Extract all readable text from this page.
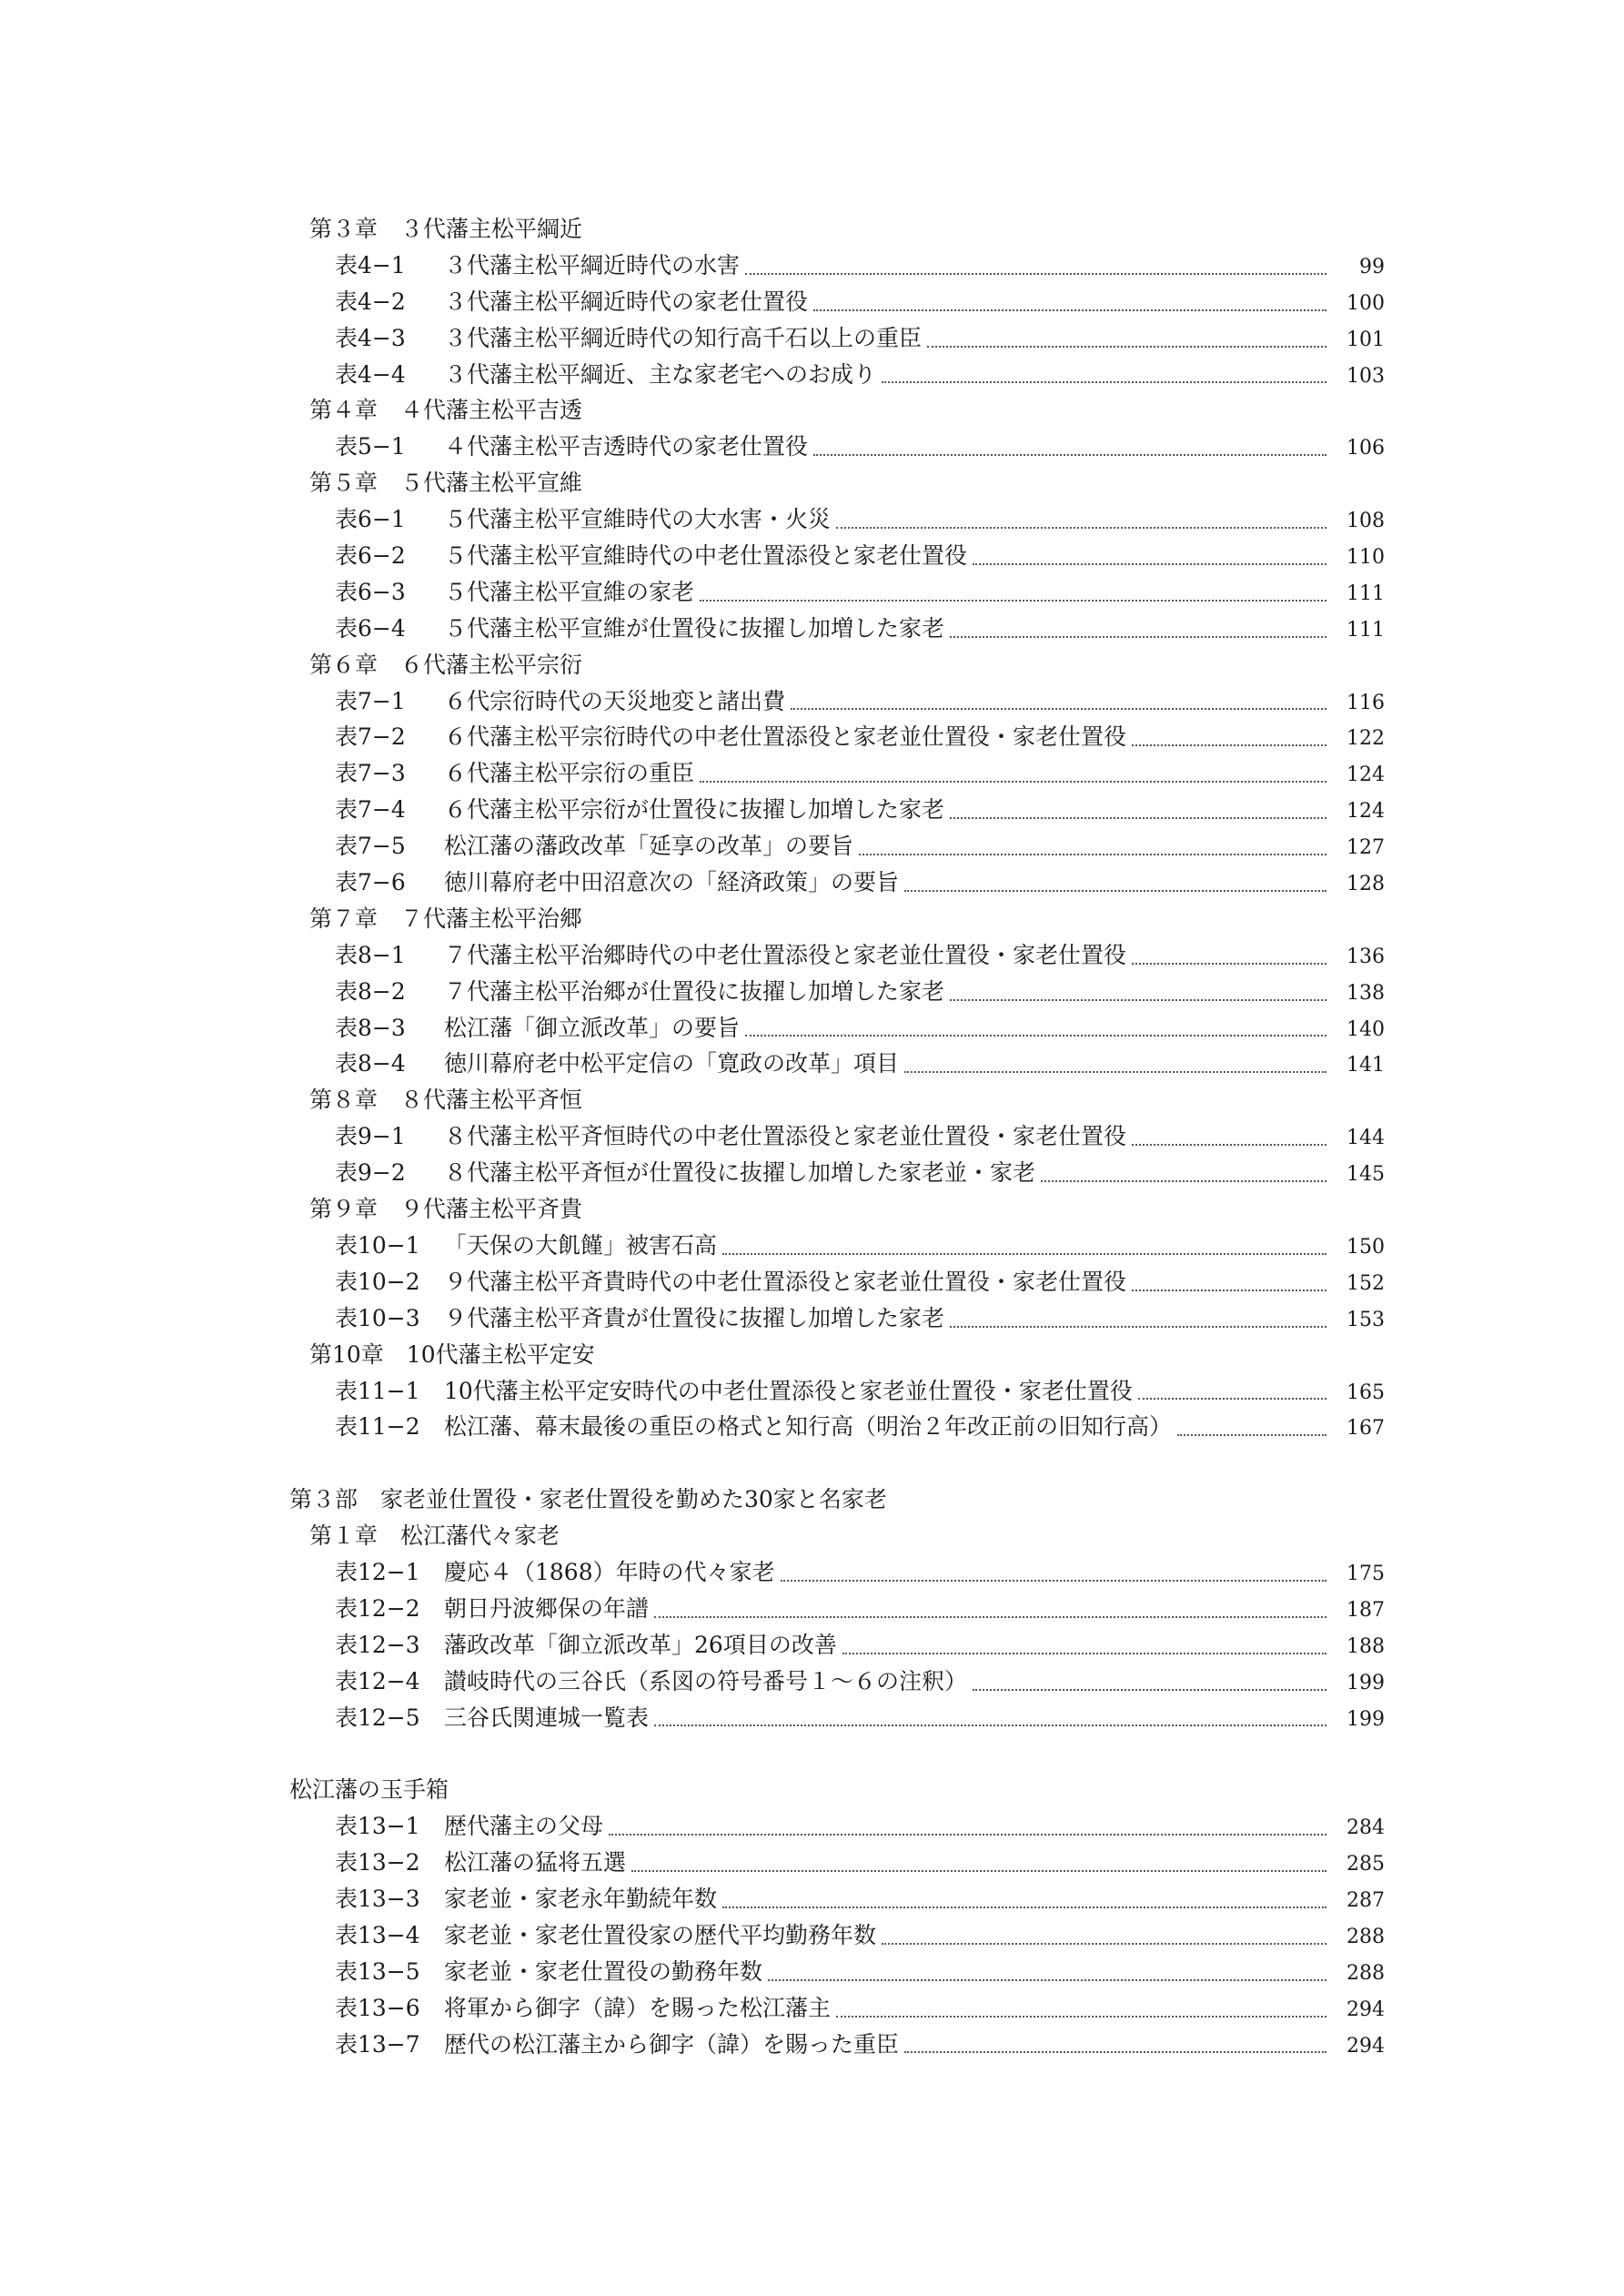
第３章　３代藩主松平綱近
表4−1	３代藩主松平綱近時代の水害	99
表4−2	３代藩主松平綱近時代の家老仕置役	100
表4−3	３代藩主松平綱近時代の知行高千石以上の重臣	101
表4−4	３代藩主松平綱近、主な家老宅へのお成り	103
第４章　４代藩主松平吉透
表5−1	４代藩主松平吉透時代の家老仕置役	106
第５章　５代藩主松平宣維
表6−1	５代藩主松平宣維時代の大水害・火災	108
表6−2	５代藩主松平宣維時代の中老仕置添役と家老仕置役	110
表6−3	５代藩主松平宣維の家老	111
表6−4	５代藩主松平宣維が仕置役に抜擢し加増した家老	111
第６章　６代藩主松平宗衍
表7−1	６代宗衍時代の天災地変と諸出費	116
表7−2	６代藩主松平宗衍時代の中老仕置添役と家老並仕置役・家老仕置役	122
表7−3	６代藩主松平宗衍の重臣	124
表7−4	６代藩主松平宗衍が仕置役に抜擢し加増した家老	124
表7−5	松江藩の藩政改革「延享の改革」の要旨	127
表7−6	徳川幕府老中田沼意次の「経済政策」の要旨	128
第７章　７代藩主松平治郷
表8−1	７代藩主松平治郷時代の中老仕置添役と家老並仕置役・家老仕置役	136
表8−2	７代藩主松平治郷が仕置役に抜擢し加増した家老	138
表8−3	松江藩「御立派改革」の要旨	140
表8−4	徳川幕府老中松平定信の「寛政の改革」項目	141
第８章　８代藩主松平斉恒
表9−1	８代藩主松平斉恒時代の中老仕置添役と家老並仕置役・家老仕置役	144
表9−2	８代藩主松平斉恒が仕置役に抜擢し加増した家老並・家老	145
第９章　９代藩主松平斉貴
表10−1	「天保の大飢饉」被害石高	150
表10−2	９代藩主松平斉貴時代の中老仕置添役と家老並仕置役・家老仕置役	152
表10−3	９代藩主松平斉貴が仕置役に抜擢し加増した家老	153
第10章　10代藩主松平定安
表11−1	10代藩主松平定安時代の中老仕置添役と家老並仕置役・家老仕置役	165
表11−2	松江藩、幕末最後の重臣の格式と知行高（明治２年改正前の旧知行高）	167
第３部　家老並仕置役・家老仕置役を勤めた30家と名家老
第１章　松江藩代々家老
表12−1	慶応４（1868）年時の代々家老	175
表12−2	朝日丹波郷保の年譜	187
表12−3	藩政改革「御立派改革」26項目の改善	188
表12−4	讃岐時代の三谷氏（系図の符号番号１〜６の注釈）	199
表12−5	三谷氏関連城一覧表	199
松江藩の玉手箱
表13−1	歴代藩主の父母	284
表13−2	松江藩の猛将五選	285
表13−3	家老並・家老永年勤続年数	287
表13−4	家老並・家老仕置役家の歴代平均勤務年数	288
表13−5	家老並・家老仕置役の勤務年数	288
表13−6	将軍から御字（諱）を賜った松江藩主	294
表13−7	歴代の松江藩主から御字（諱）を賜った重臣	294
